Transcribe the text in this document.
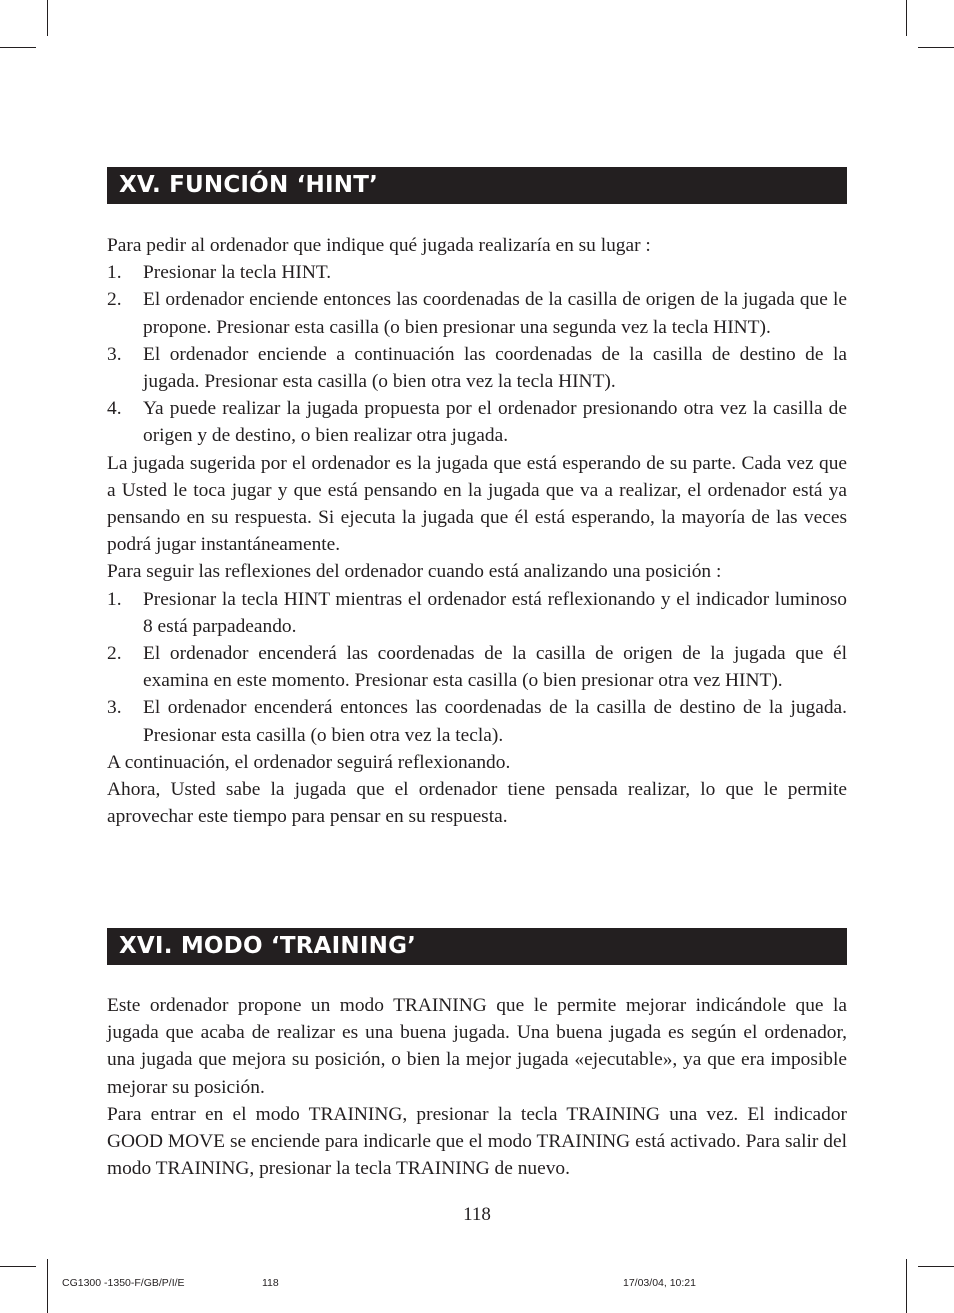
XV. FUNCIÓN ‘HINT’

Para pedir al ordenador que indique qué jugada realizaría en su lugar :

1. Presionar la tecla HINT.
2. El ordenador enciende entonces las coordenadas de la casilla de origen de la jugada que le propone. Presionar esta casilla (o bien presionar una segunda vez la tecla HINT).
3. El ordenador enciende a continuación las coordenadas de la casilla de destino de la jugada. Presionar esta casilla (o bien otra vez la tecla HINT).
4. Ya puede realizar la jugada propuesta por el ordenador presionando otra vez la casilla de origen y de destino, o bien realizar otra jugada.

La jugada sugerida por el ordenador es la jugada que está esperando de su parte. Cada vez que a Usted le toca jugar y que está pensando en la jugada que va a realizar, el ordenador está ya pensando en su respuesta. Si ejecuta la jugada que él está esperando, la mayoría de las veces podrá jugar instantáneamente.

Para seguir las reflexiones del ordenador cuando está analizando una posición :

1. Presionar la tecla HINT mientras el ordenador está reflexionando y el indicador luminoso 8 está parpadeando.
2. El ordenador encenderá las coordenadas de la casilla de origen de la jugada que él examina en este momento. Presionar esta casilla (o bien presionar otra vez HINT).
3. El ordenador encenderá entonces las coordenadas de la casilla de destino de la jugada. Presionar esta casilla (o bien otra vez la tecla).

A continuación, el ordenador seguirá reflexionando.

Ahora, Usted sabe la jugada que el ordenador tiene pensada realizar, lo que le permite aprovechar este tiempo para pensar en su respuesta.

XVI. MODO ‘TRAINING’

Este ordenador propone un modo TRAINING que le permite mejorar indicándole que la jugada que acaba de realizar es una buena jugada. Una buena jugada es según el ordenador, una jugada que mejora su posición, o bien la mejor jugada «ejecutable», ya que era imposible mejorar su posición.

Para entrar en el modo TRAINING, presionar la tecla TRAINING una vez. El indicador GOOD MOVE se enciende para indicarle que el modo TRAINING está activado. Para salir del modo TRAINING, presionar la tecla TRAINING de nuevo.

118
CG1300 -1350-F/GB/P/I/E	118	17/03/04, 10:21
